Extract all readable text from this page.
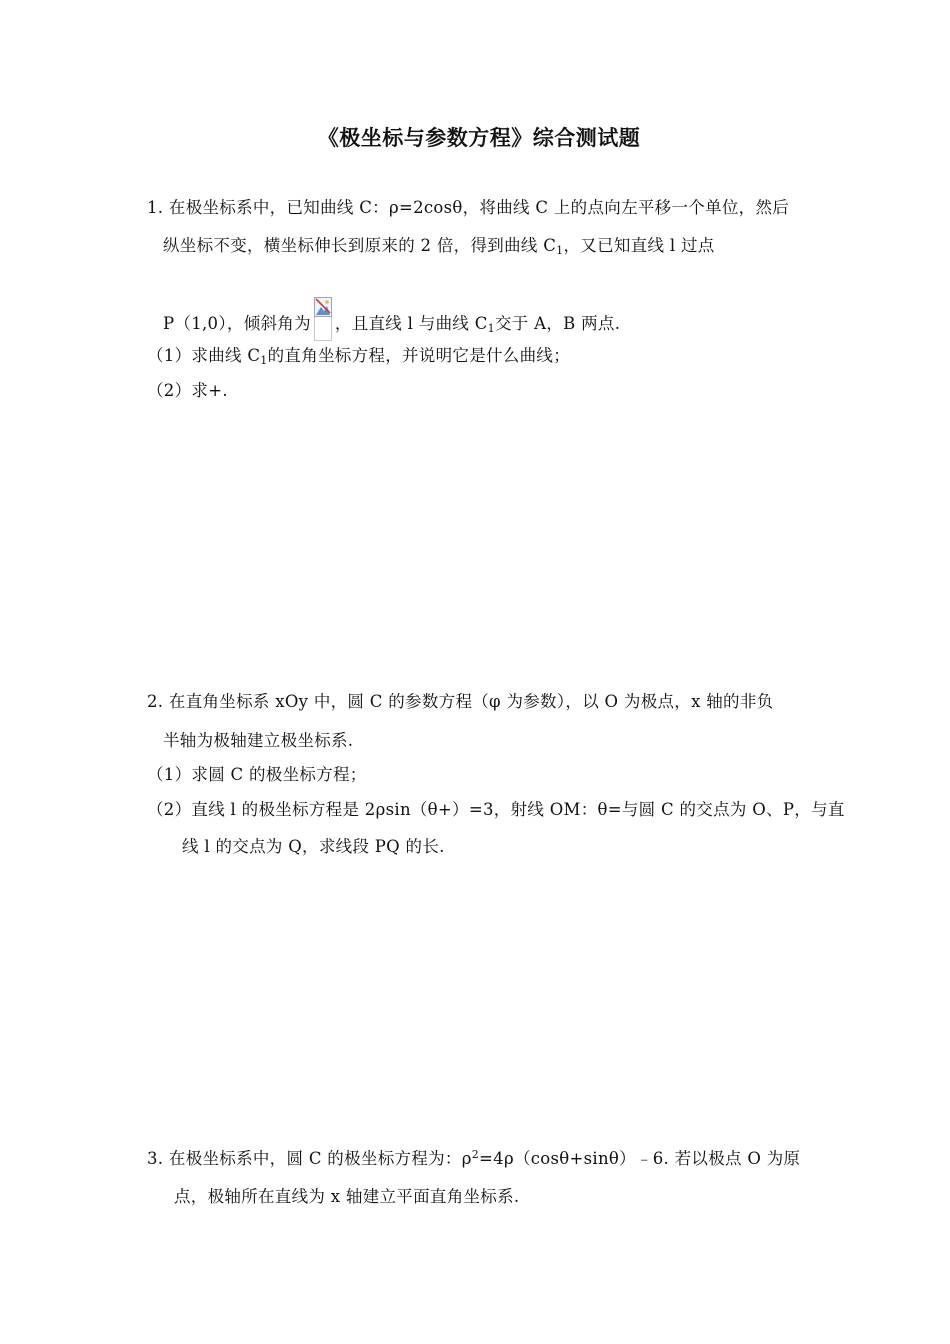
《极坐标与参数方程》综合测试题
1. 在极坐标系中，已知曲线 C：ρ=2cosθ，将曲线 C 上的点向左平移一个单位，然后
纵坐标不变，横坐标伸长到原来的 2 倍，得到曲线 $C_1$，又已知直线 l 过点
P（1,0），倾斜角为 ，且直线 l 与曲线 $C_1$交于 A，B 两点.
（1）求曲线 $C_1$的直角坐标方程，并说明它是什么曲线；
（2）求+.
2. 在直角坐标系 xOy 中，圆 C 的参数方程（φ 为参数），以 O 为极点，x 轴的非负
半轴为极轴建立极坐标系.
（1）求圆 C 的极坐标方程；
（2）直线 l 的极坐标方程是 2ρsin（θ+）=3，射线 OM：θ=与圆 C 的交点为 O、P，与直
线 l 的交点为 Q，求线段 PQ 的长.
3. 在极坐标系中，圆 C 的极坐标方程为：$\rho^2=4\rho(\cos\theta+\sin\theta)﹣6$. 若以极点 O 为原
点，极轴所在直线为 x 轴建立平面直角坐标系.
